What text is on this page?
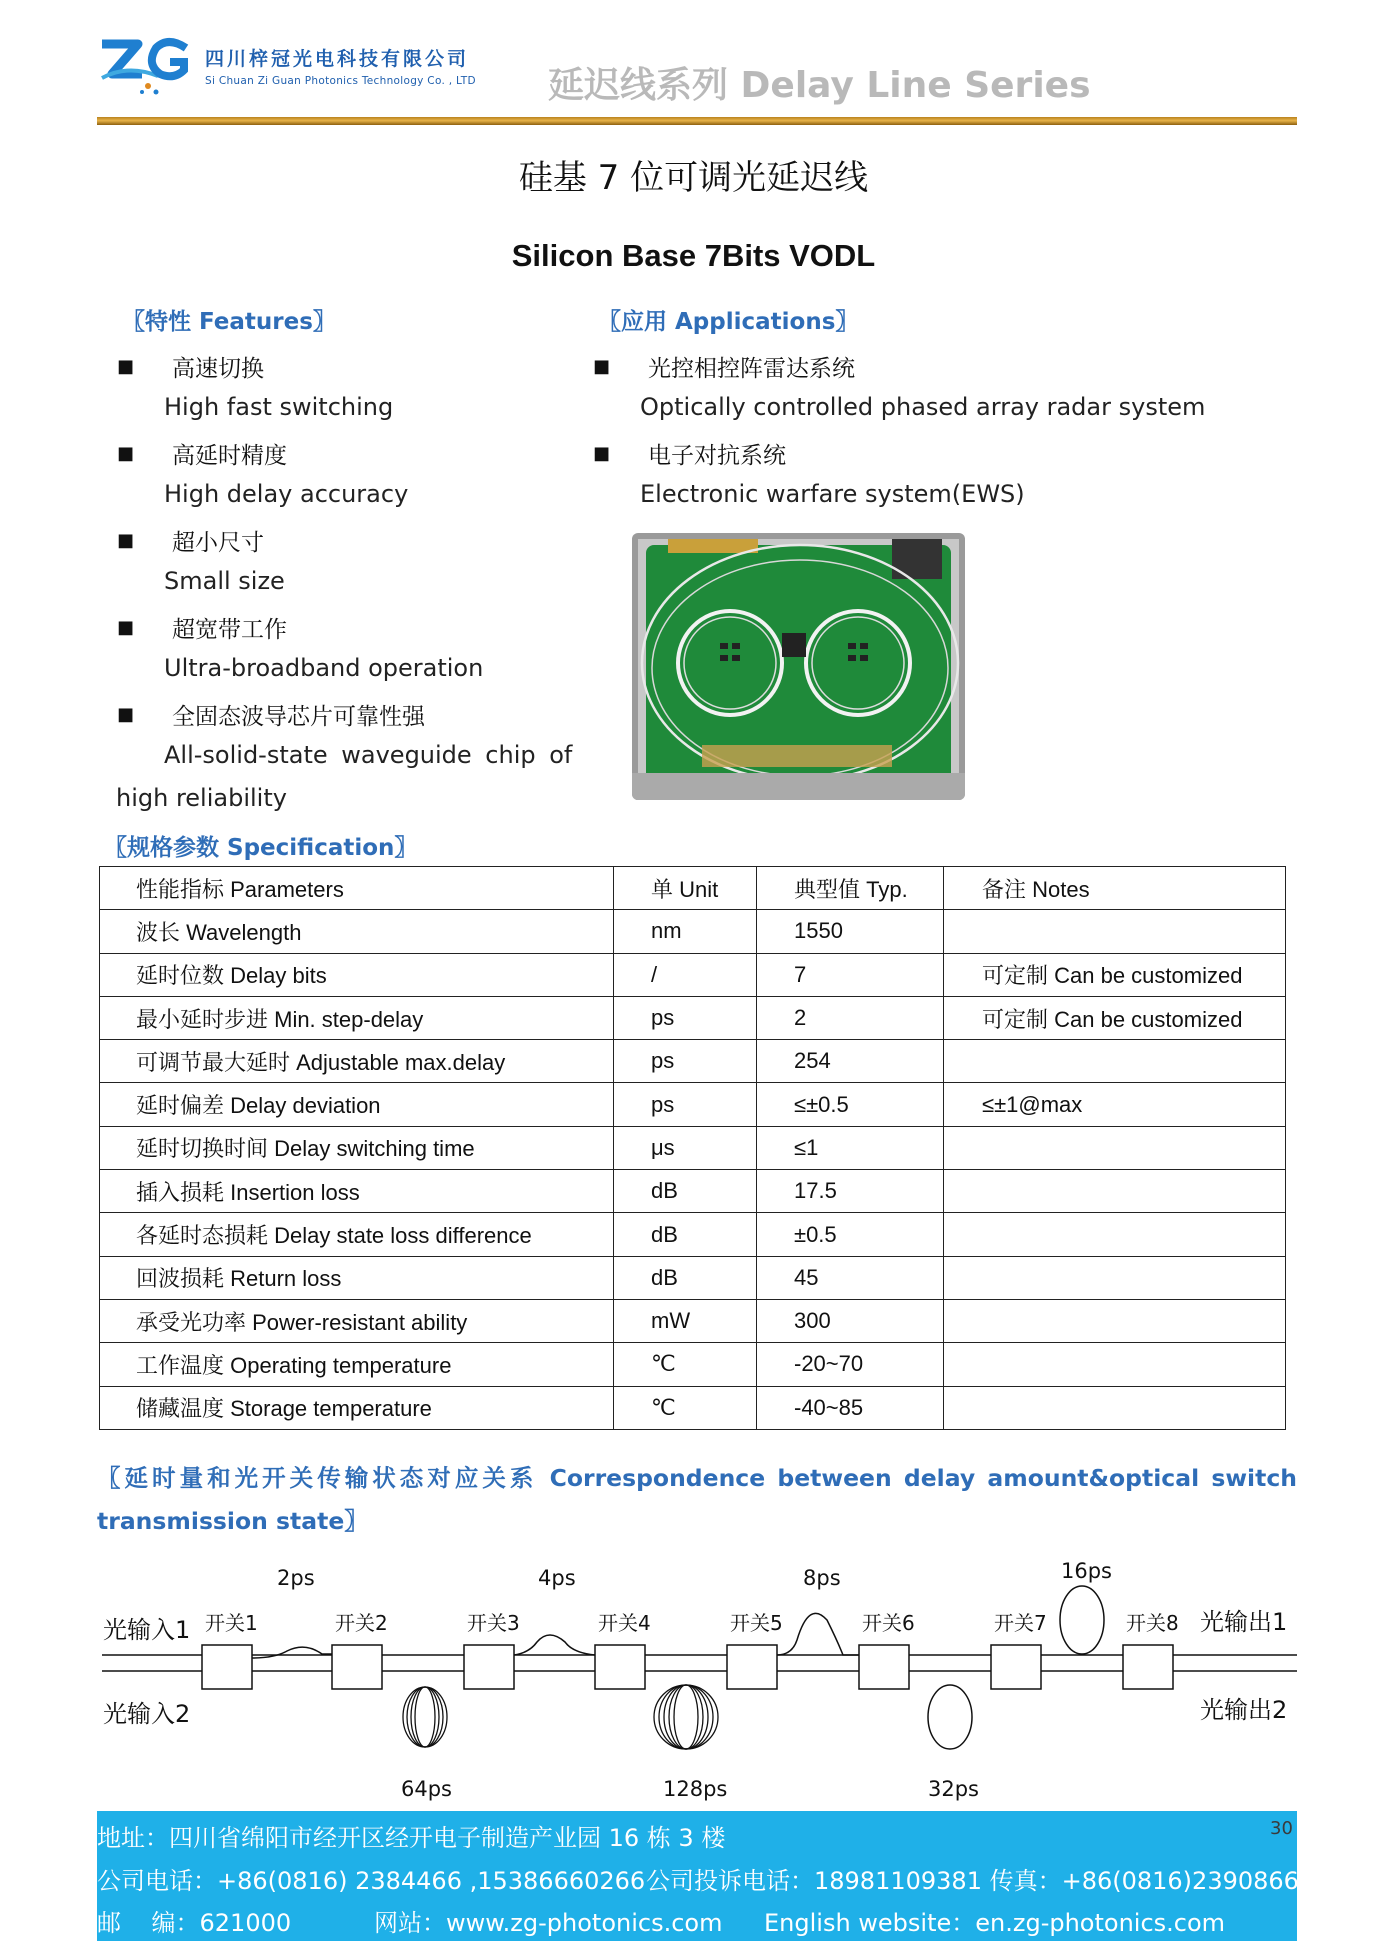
四川梓冠光电科技有限公司
Si Chuan Zi Guan Photonics Technology Co. , LTD 延迟线系列 Delay Line Series
硅基 7 位可调光延迟线
Silicon Base 7Bits VODL
〖特性 Features〗
■ 高速切换
High fast switching
■ 高延时精度
High delay accuracy
■ 超小尺寸
Small size
■ 超宽带工作
Ultra-broadband operation
■ 全固态波导芯片可靠性强
All-solid-state waveguide chip of
high reliability
〖应用 Applications〗
■ 光控相控阵雷达系统
Optically controlled phased array radar system
■ 电子对抗系统
Electronic warfare system(EWS)
〖规格参数 Specification〗
性能指标 Parameters	单 Unit	典型值 Typ.	备注 Notes
波长 Wavelength	nm	1550	
延时位数 Delay bits	/	7	可定制 Can be customized
最小延时步进 Min. step-delay	ps	2	可定制 Can be customized
可调节最大延时 Adjustable max.delay	ps	254	
延时偏差 Delay deviation	ps	≤±0.5	≤±1@max
延时切换时间 Delay switching time	μs	≤1	
插入损耗 Insertion loss	dB	17.5	
各延时态损耗 Delay state loss difference	dB	±0.5	
回波损耗 Return loss	dB	45	
承受光功率 Power-resistant ability	mW	300	
工作温度 Operating temperature	℃	-20~70	
储藏温度 Storage temperature	℃	-40~85	
〖延时量和光开关传输状态对应关系 Correspondence between delay amount&optical switch
transmission state〗
光输入1
光输入2
光输出1
光输出2
开关1	开关2	开关3	开关4	开关5	开关6	开关7	开关8
2ps	4ps	8ps	16ps
64ps	128ps	32ps
地址：四川省绵阳市经开区经开电子制造产业园 16 栋 3 楼
公司电话：+86(0816) 2384466 ,15386660266 公司投诉电话：18981109381 传真：+86(0816)2390866
邮    编：621000	网站：www.zg-photonics.com English website：en.zg-photonics.com
30
